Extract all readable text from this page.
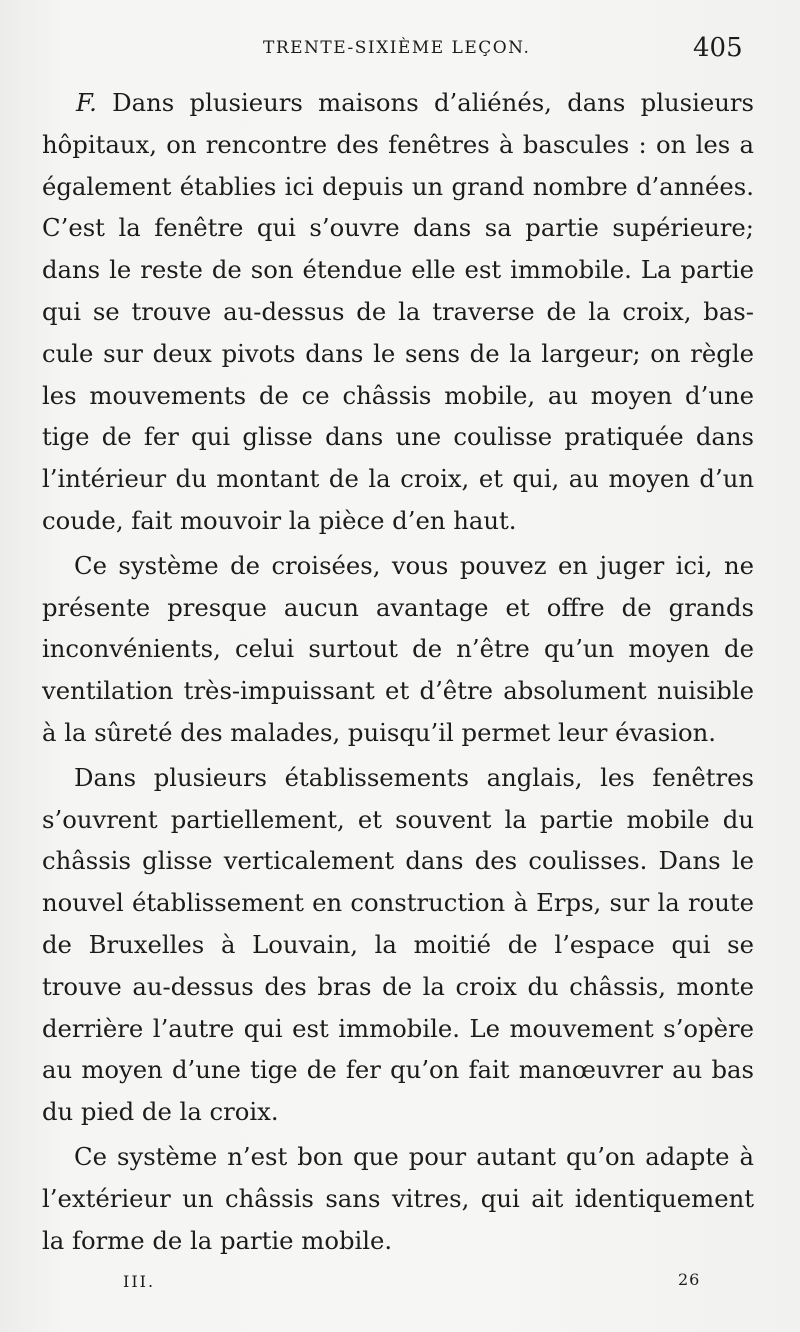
TRENTE-SIXIÈME LEÇON.	405

F. Dans plusieurs maisons d’aliénés, dans plusieurs hôpitaux, on rencontre des fenêtres à bascules : on les a également établies ici depuis un grand nombre d’années. C’est la fenêtre qui s’ouvre dans sa partie supérieure; dans le reste de son étendue elle est immobile. La partie qui se trouve au-dessus de la traverse de la croix, bascule sur deux pivots dans le sens de la largeur; on règle les mouvements de ce châssis mobile, au moyen d’une tige de fer qui glisse dans une coulisse pratiquée dans l’intérieur du montant de la croix, et qui, au moyen d’un coude, fait mouvoir la pièce d’en haut.

Ce système de croisées, vous pouvez en juger ici, ne présente presque aucun avantage et offre de grands inconvénients, celui surtout de n’être qu’un moyen de ventilation très-impuissant et d’être absolument nuisible à la sûreté des malades, puisqu’il permet leur évasion.

Dans plusieurs établissements anglais, les fenêtres s’ouvrent partiellement, et souvent la partie mobile du châssis glisse verticalement dans des coulisses. Dans le nouvel établissement en construction à Erps, sur la route de Bruxelles à Louvain, la moitié de l’espace qui se trouve au-dessus des bras de la croix du châssis, monte derrière l’autre qui est immobile. Le mouvement s’opère au moyen d’une tige de fer qu’on fait manœuvrer au bas du pied de la croix.

Ce système n’est bon que pour autant qu’on adapte à l’extérieur un châssis sans vitres, qui ait identiquement la forme de la partie mobile.

III.	26
